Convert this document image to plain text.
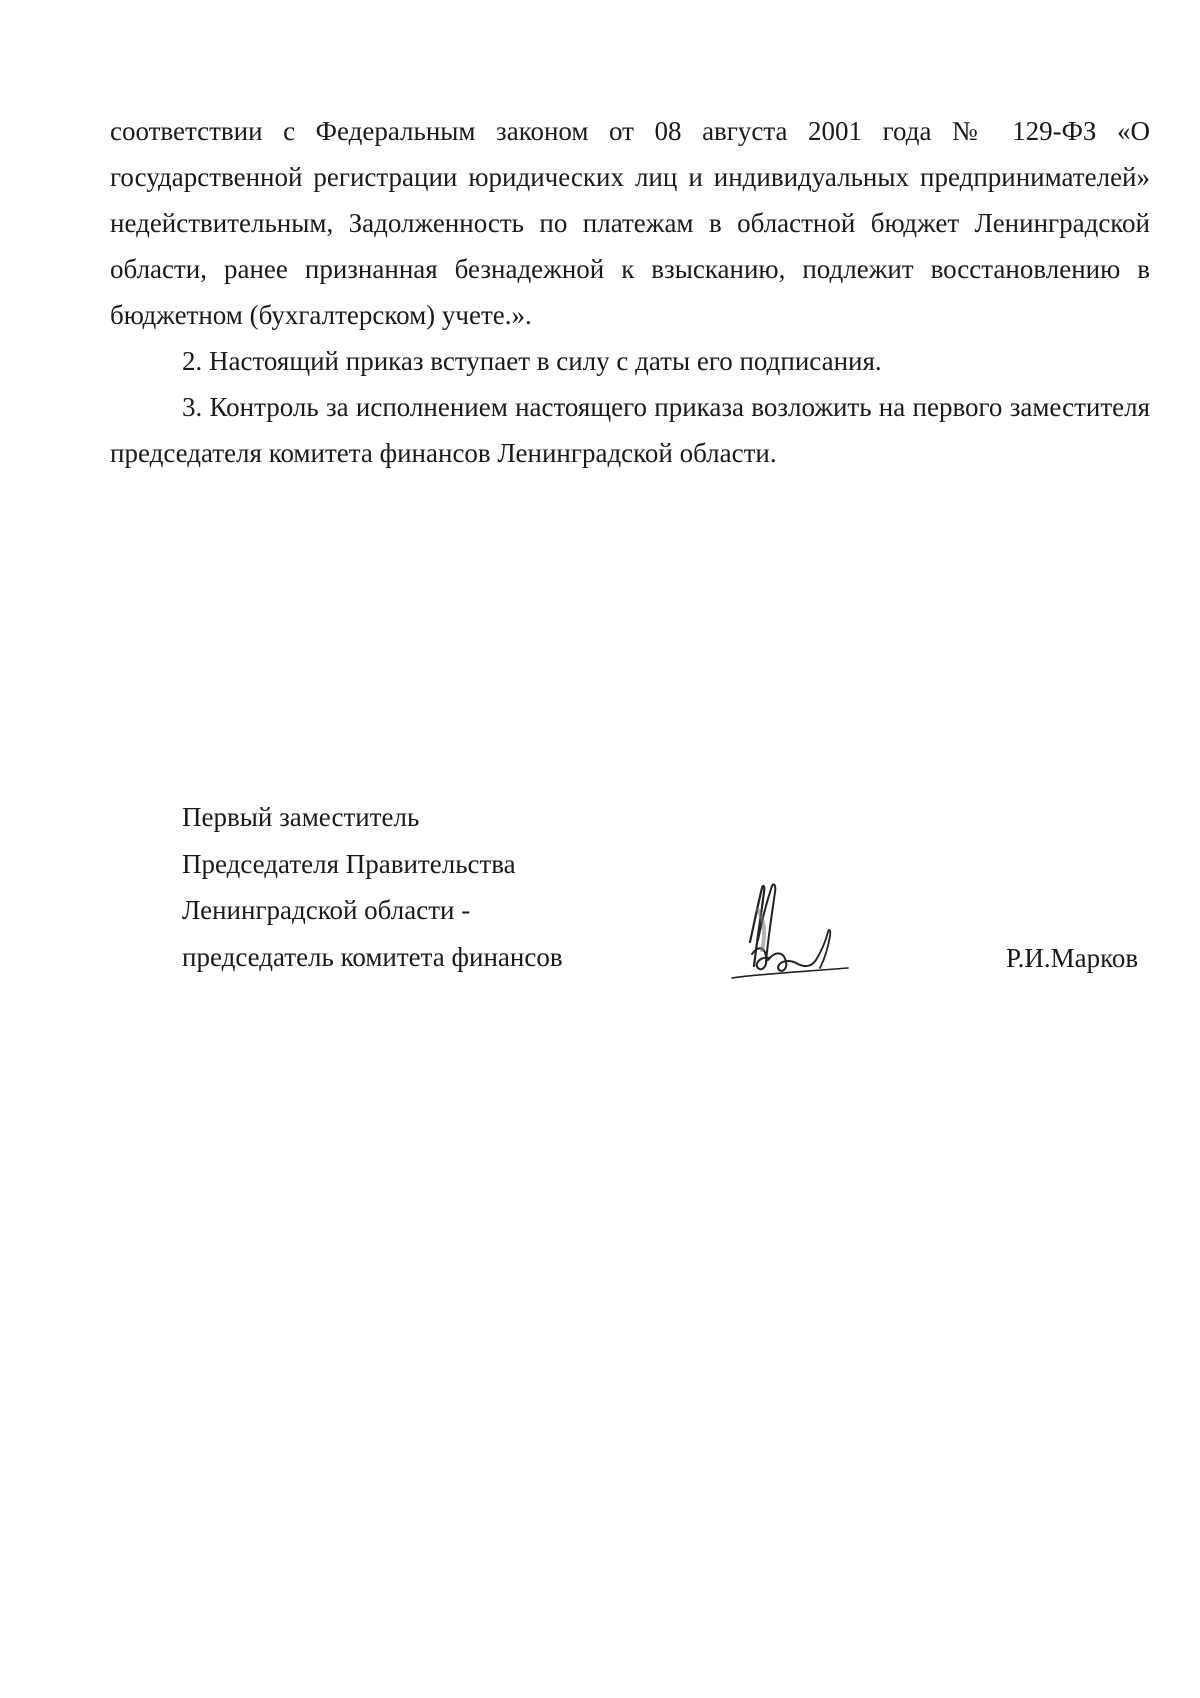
соответствии с Федеральным законом от 08 августа 2001 года № 129-ФЗ «О государственной регистрации юридических лиц и индивидуальных предпринимателей» недействительным, Задолженность по платежам в областной бюджет Ленинградской области, ранее признанная безнадежной к взысканию, подлежит восстановлению в бюджетном (бухгалтерском) учете.».

2. Настоящий приказ вступает в силу с даты его подписания.

3. Контроль за исполнением настоящего приказа возложить на первого заместителя председателя комитета финансов Ленинградской области.

Первый заместитель
Председателя Правительства
Ленинградской области -
председатель комитета финансов	Р.И.Марков
